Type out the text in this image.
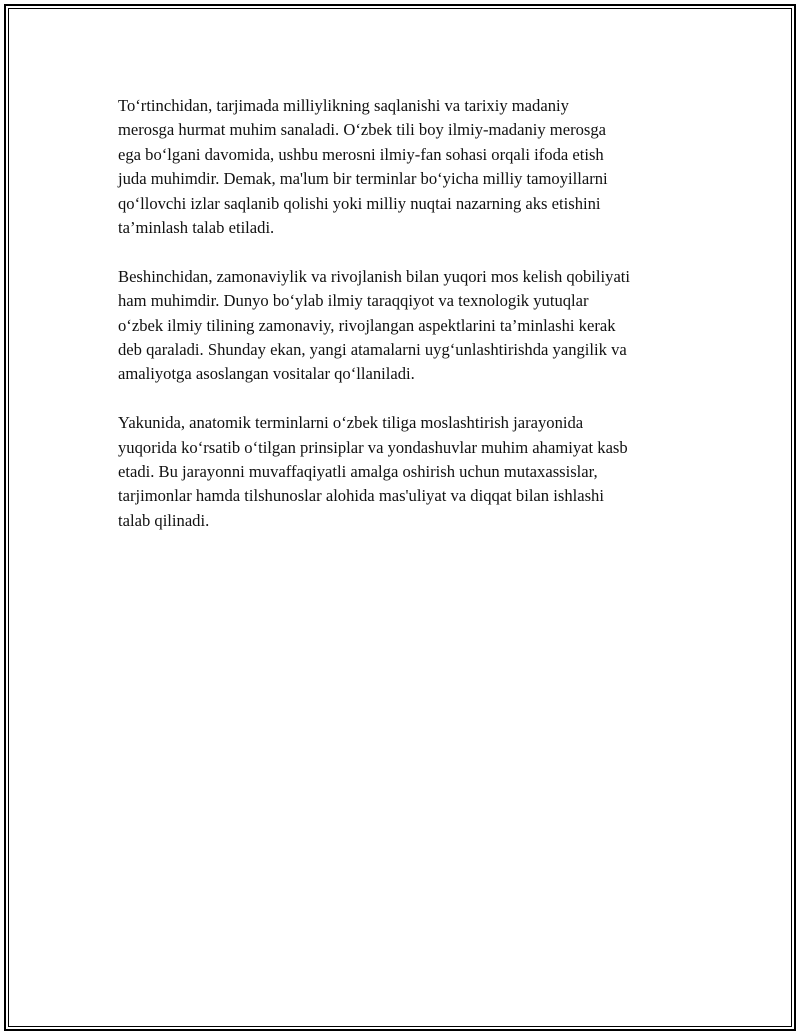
To‘rtinchidan, tarjimada milliylikning saqlanishi va tarixiy madaniy
merosga hurmat muhim sanaladi. O‘zbek tili boy ilmiy-madaniy merosga
ega bo‘lgani davomida, ushbu merosni ilmiy-fan sohasi orqali ifoda etish
juda muhimdir. Demak, ma'lum bir terminlar bo‘yicha milliy tamoyillarni
qo‘llovchi izlar saqlanib qolishi yoki milliy nuqtai nazarning aks etishini
ta’minlash talab etiladi.

Beshinchidan, zamonaviylik va rivojlanish bilan yuqori mos kelish qobiliyati
ham muhimdir. Dunyo bo‘ylab ilmiy taraqqiyot va texnologik yutuqlar
o‘zbek ilmiy tilining zamonaviy, rivojlangan aspektlarini ta’minlashi kerak
deb qaraladi. Shunday ekan, yangi atamalarni uyg‘unlashtirishda yangilik va
amaliyotga asoslangan vositalar qo‘llaniladi.

Yakunida, anatomik terminlarni o‘zbek tiliga moslashtirish jarayonida
yuqorida ko‘rsatib o‘tilgan prinsiplar va yondashuvlar muhim ahamiyat kasb
etadi. Bu jarayonni muvaffaqiyatli amalga oshirish uchun mutaxassislar,
tarjimonlar hamda tilshunoslar alohida mas'uliyat va diqqat bilan ishlashi
talab qilinadi.
